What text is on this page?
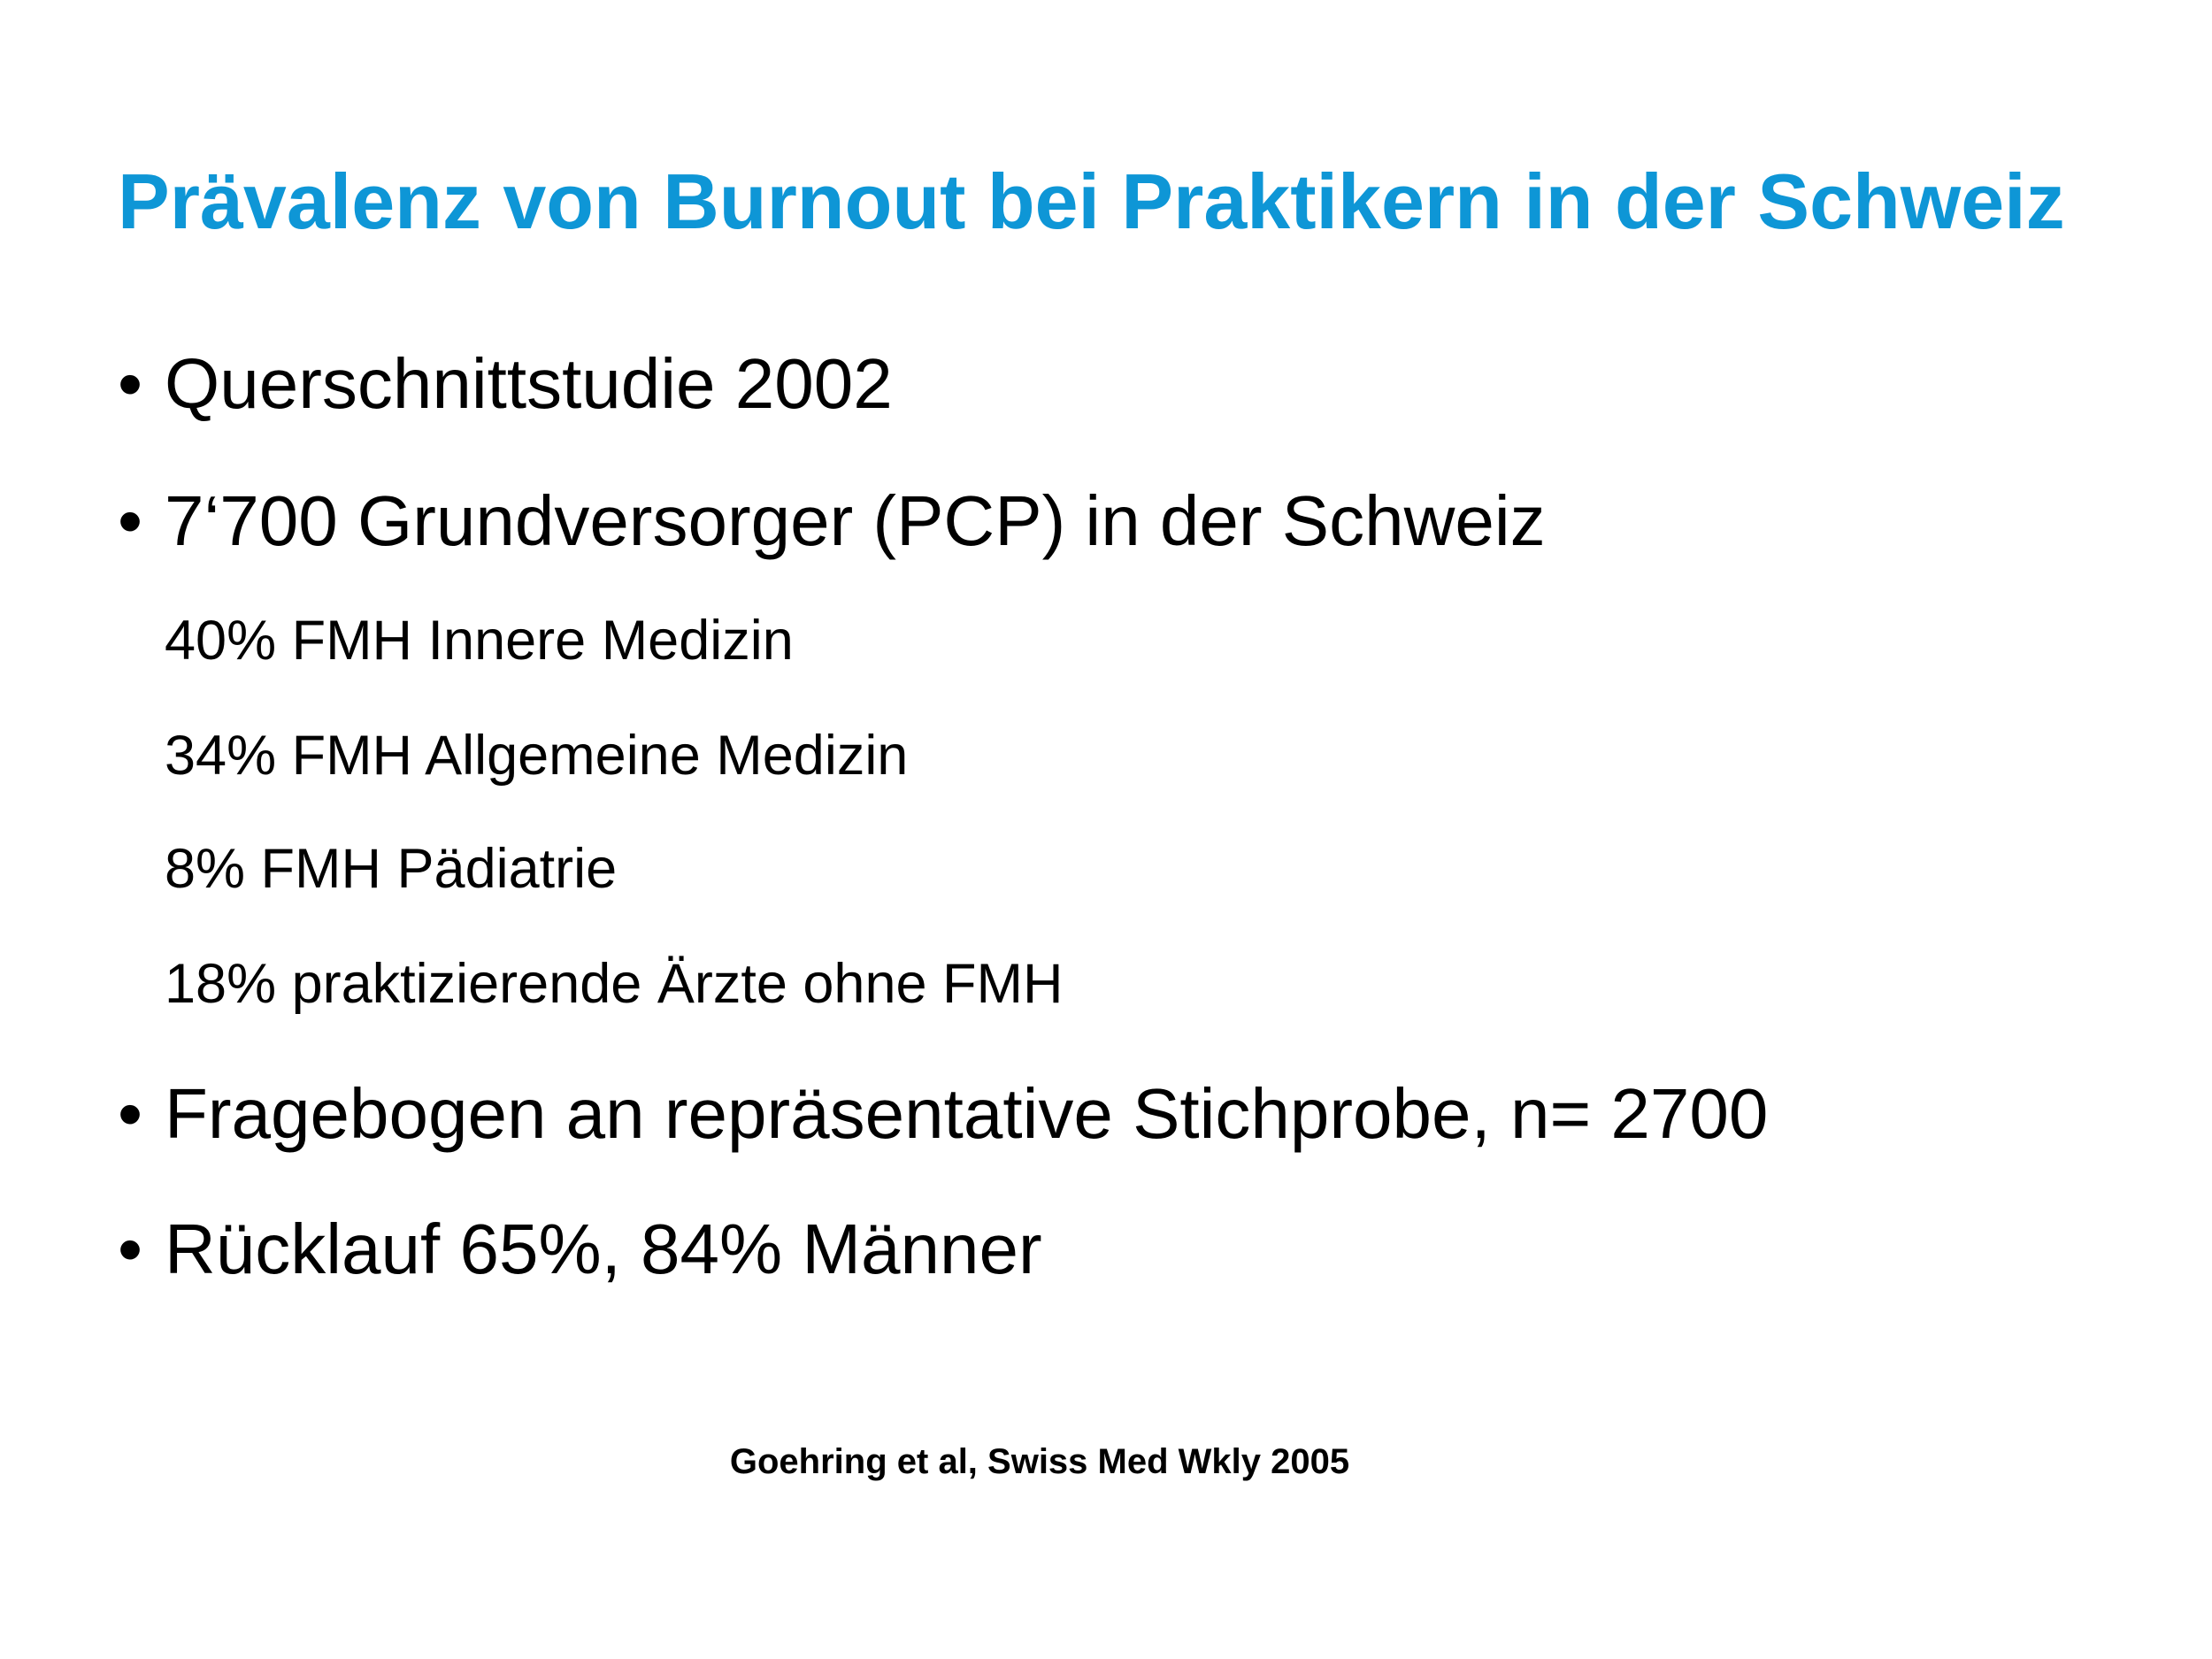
Prävalenz von Burnout bei Praktikern in der Schweiz

• Querschnittstudie 2002

• 7‘700 Grundversorger (PCP) in der Schweiz

40% FMH Innere Medizin

34% FMH Allgemeine Medizin

8% FMH Pädiatrie

18% praktizierende Ärzte ohne FMH

• Fragebogen an repräsentative Stichprobe, n= 2700

• Rücklauf 65%, 84% Männer

Goehring et al, Swiss Med Wkly 2005
